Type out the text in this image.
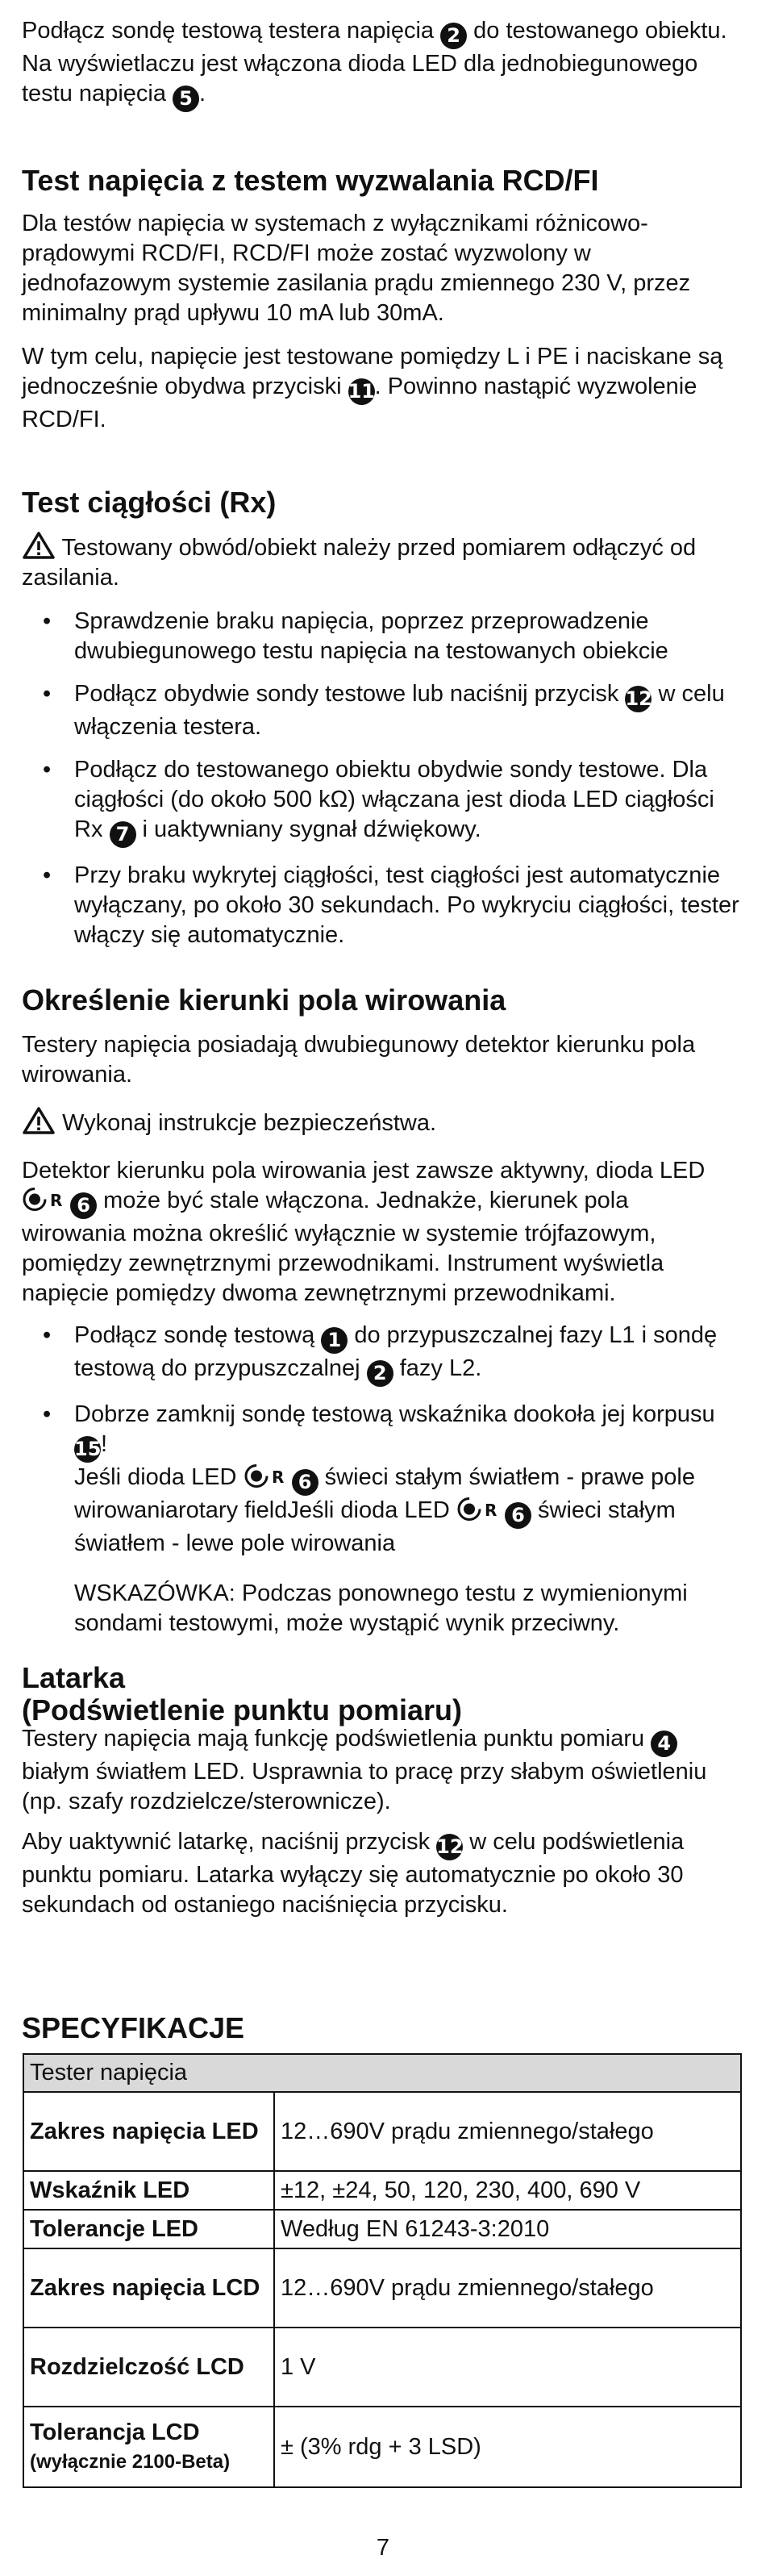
Podłącz sondę testową testera napięcia 2 do testowanego obiektu. Na wyświetlaczu jest włączona dioda LED dla jednobiegunowego testu napięcia 5 .

Test napięcia z testem wyzwalania RCD/FI

Dla testów napięcia w systemach z wyłącznikami różnicowo-prądowymi RCD/FI, RCD/FI może zostać wyzwolony w jednofazowym systemie zasilania prądu zmiennego 230 V, przez minimalny prąd upływu 10 mA lub 30mA.

W tym celu, napięcie jest testowane pomiędzy L i PE i naciskane są jednocześnie obydwa przyciski 11. Powinno nastąpić wyzwolenie RCD/FI.

Test ciągłości (Rx)

Testowany obwód/obiekt należy przed pomiarem odłączyć od zasilania.

• Sprawdzenie braku napięcia, poprzez przeprowadzenie dwubiegunowego testu napięcia na testowanych obiekcie
• Podłącz obydwie sondy testowe lub naciśnij przycisk 12 w celu włączenia testera.
• Podłącz do testowanego obiektu obydwie sondy testowe. Dla ciągłości (do około 500 kΩ) włączana jest dioda LED ciągłości Rx 7 i uaktywniany sygnał dźwiękowy.
• Przy braku wykrytej ciągłości, test ciągłości jest automatycznie wyłączany, po około 30 sekundach. Po wykryciu ciągłości, tester włączy się automatycznie.
Określenie kierunki pola wirowania

Testery napięcia posiadają dwubiegunowy detektor kierunku pola wirowania.

Wykonaj instrukcje bezpieczeństwa.

Detektor kierunku pola wirowania jest zawsze aktywny, dioda LED
R 6 może być stale włączona. Jednakże, kierunek pola wirowania można określić wyłącznie w systemie trójfazowym, pomiędzy zewnętrznymi przewodnikami. Instrument wyświetla napięcie pomiędzy dwoma zewnętrznymi przewodnikami.

• Podłącz sondę testową 1 do przypuszczalnej fazy L1 i sondę testową do przypuszczalnej 2 fazy L2.
• Dobrze zamknij sondę testową wskaźnika dookoła jej korpusu15!
Jeśli dioda LED R 6 świeci stałym światłem - prawe pole wirowaniarotary fieldJeśli dioda LED R 6 świeci stałym światłem - lewe pole wirowania

WSKAZÓWKA: Podczas ponownego testu z wymienionymi sondami testowymi, może wystąpić wynik przeciwny.

Latarka
(Podświetlenie punktu pomiaru)

Testery napięcia mają funkcję podświetlenia punktu pomiaru 4 białym światłem LED. Usprawnia to pracę przy słabym oświetleniu (np. szafy rozdzielcze/sterownicze).

Aby uaktywnić latarkę, naciśnij przycisk 12 w celu podświetlenia punktu pomiaru. Latarka wyłączy się automatycznie po około 30 sekundach od ostaniego naciśnięcia przycisku.

SPECYFIKACJE
Tester napięcia	
Zakres napięcia LED	12…690V prądu zmiennego/stałego
Wskaźnik LED	±12, ±24, 50, 120, 230, 400, 690 V
Tolerancje LED	Według EN 61243-3:2010
Zakres napięcia LCD	12…690V prądu zmiennego/stałego
Rozdzielczość LCD	1 V
Tolerancja LCD
(wyłącznie 2100-Beta)	± (3% rdg + 3 LSD)
7
